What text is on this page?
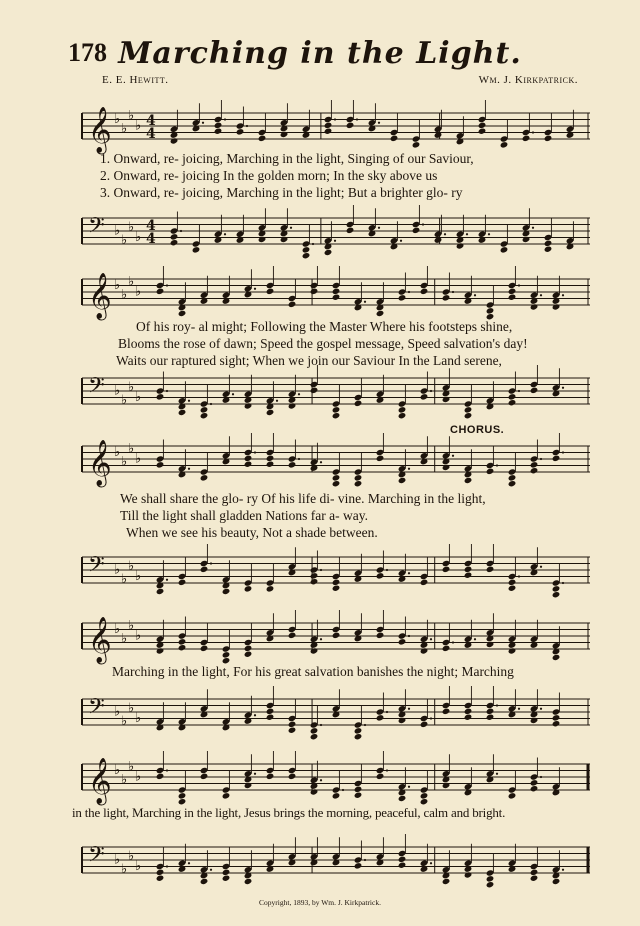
178 Marching in the Light.
E. E. Hewitt.	Wm. J. Kirkpatrick.
𝄞 ♭
♭
♭
♭ 4
4
1. Onward, re- joicing, Marching in the light, Singing of our Saviour,
2. Onward, re- joicing In the golden morn; In the sky above us
3. Onward, re- joicing, Marching in the light; But a brighter glo- ry
𝄢 ♭
♭
♭
♭
4
4
𝄞 ♭
♭
♭
♭
Of his roy- al might; Following the Master Where his footsteps shine,
Blooms the rose of dawn; Speed the gospel message, Speed salvation's day!
Waits our raptured sight; When we join our Saviour In the Land serene,
𝄢 ♭
♭
♭
♭
CHORUS.
𝄞 ♭
♭
♭
♭
We shall share the glo- ry Of his life di- vine. Marching in the light,
Till the light shall gladden Nations far a- way.
When we see his beauty, Not a shade between.
𝄢 ♭
♭
♭
♭
𝄞 ♭
♭
♭
♭
Marching in the light, For his great salvation banishes the night; Marching
𝄢 ♭
♭
♭
♭
𝄞 ♭
♭
♭
♭
in the light, Marching in the light, Jesus brings the morning, peaceful, calm and bright.
𝄢 ♭
♭
♭
♭
Copyright, 1893, by Wm. J. Kirkpatrick.
